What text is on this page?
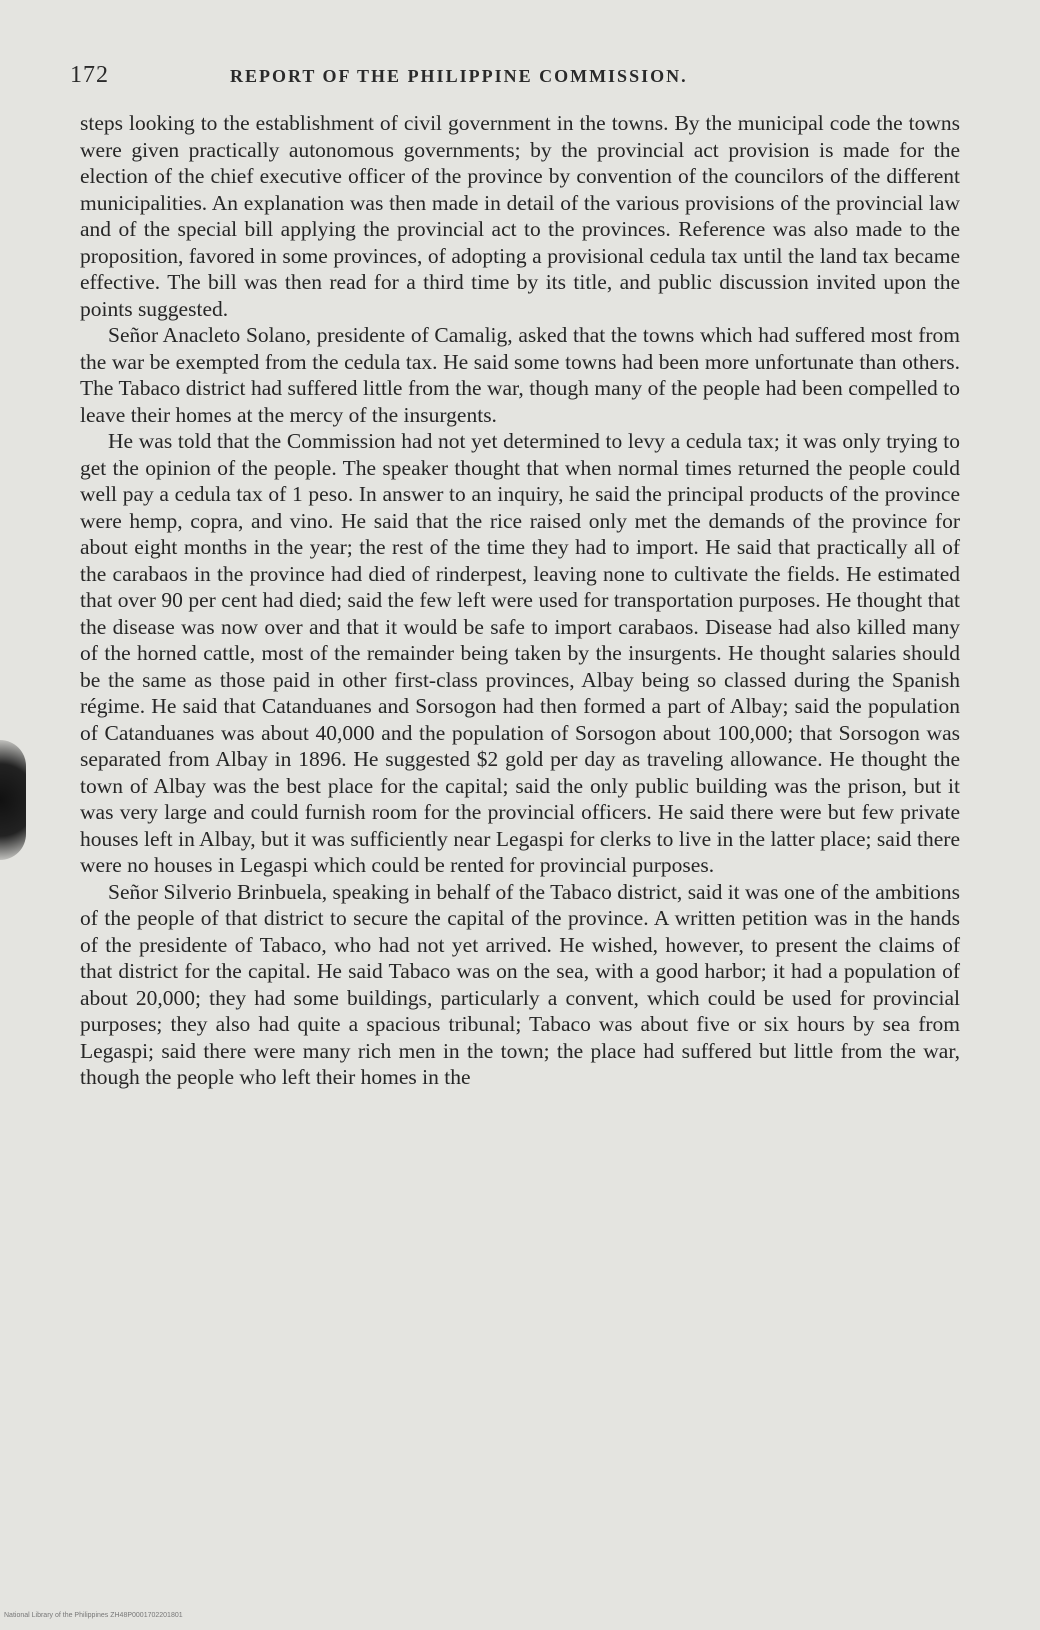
172	REPORT OF THE PHILIPPINE COMMISSION.

steps looking to the establishment of civil government in the towns. By the municipal code the towns were given practically autonomous governments; by the provincial act provision is made for the election of the chief executive officer of the province by convention of the councilors of the different municipalities. An explanation was then made in detail of the various provisions of the provincial law and of the special bill applying the provincial act to the provinces. Reference was also made to the proposition, favored in some provinces, of adopting a provisional cedula tax until the land tax became effective. The bill was then read for a third time by its title, and public discussion invited upon the points suggested.

Señor Anacleto Solano, presidente of Camalig, asked that the towns which had suffered most from the war be exempted from the cedula tax. He said some towns had been more unfortunate than others. The Tabaco district had suffered little from the war, though many of the people had been compelled to leave their homes at the mercy of the insurgents.

He was told that the Commission had not yet determined to levy a cedula tax; it was only trying to get the opinion of the people. The speaker thought that when normal times returned the people could well pay a cedula tax of 1 peso. In answer to an inquiry, he said the principal products of the province were hemp, copra, and vino. He said that the rice raised only met the demands of the province for about eight months in the year; the rest of the time they had to import. He said that practically all of the carabaos in the province had died of rinderpest, leaving none to cultivate the fields. He estimated that over 90 per cent had died; said the few left were used for transportation purposes. He thought that the disease was now over and that it would be safe to import carabaos. Disease had also killed many of the horned cattle, most of the remainder being taken by the insurgents. He thought salaries should be the same as those paid in other first-class provinces, Albay being so classed during the Spanish régime. He said that Catanduanes and Sorsogon had then formed a part of Albay; said the population of Catanduanes was about 40,000 and the population of Sorsogon about 100,000; that Sorsogon was separated from Albay in 1896. He suggested $2 gold per day as traveling allowance. He thought the town of Albay was the best place for the capital; said the only public building was the prison, but it was very large and could furnish room for the provincial officers. He said there were but few private houses left in Albay, but it was sufficiently near Legaspi for clerks to live in the latter place; said there were no houses in Legaspi which could be rented for provincial purposes.

Señor Silverio Brinbuela, speaking in behalf of the Tabaco district, said it was one of the ambitions of the people of that district to secure the capital of the province. A written petition was in the hands of the presidente of Tabaco, who had not yet arrived. He wished, however, to present the claims of that district for the capital. He said Tabaco was on the sea, with a good harbor; it had a population of about 20,000; they had some buildings, particularly a convent, which could be used for provincial purposes; they also had quite a spacious tribunal; Tabaco was about five or six hours by sea from Legaspi; said there were many rich men in the town; the place had suffered but little from the war, though the people who left their homes in the

National Library of the Philippines ZH48P0001702201801
